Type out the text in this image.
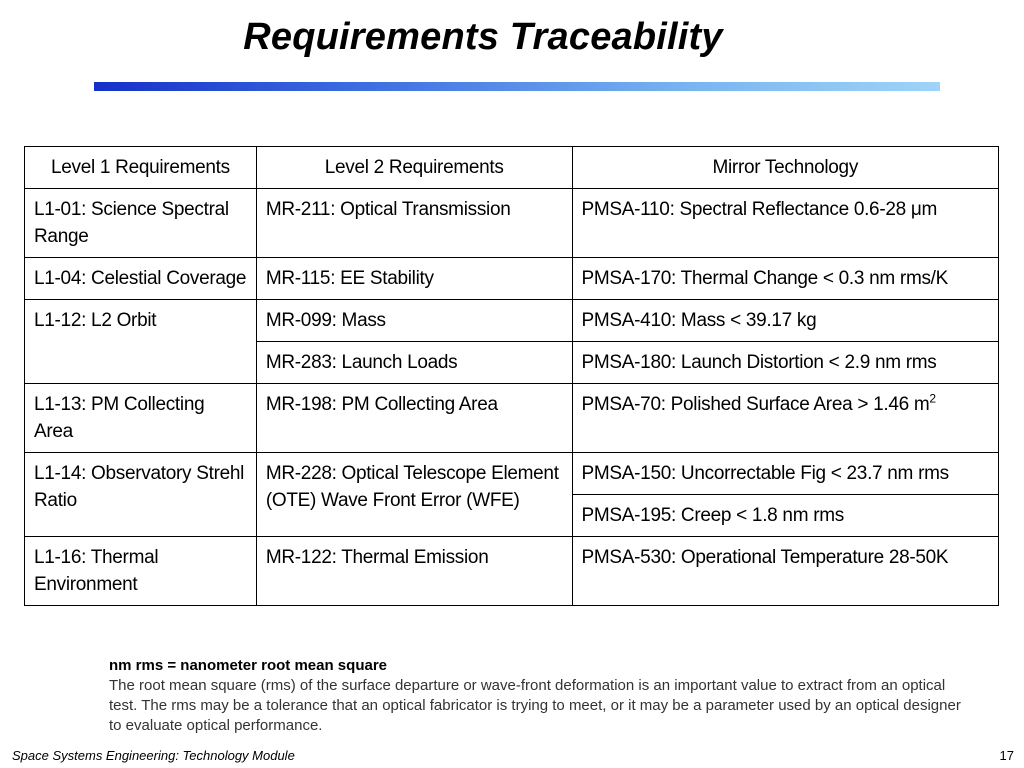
Requirements Traceability
Level 1 Requirements	Level 2 Requirements	Mirror Technology
L1-01: Science Spectral Range	MR-211: Optical Transmission	PMSA-110: Spectral Reflectance 0.6-28 μm
L1-04: Celestial Coverage	MR-115: EE Stability	PMSA-170: Thermal Change < 0.3 nm rms/K
L1-12: L2 Orbit	MR-099: Mass	PMSA-410: Mass < 39.17 kg
	MR-283: Launch Loads	PMSA-180: Launch Distortion < 2.9 nm rms
L1-13: PM Collecting Area	MR-198: PM Collecting Area	PMSA-70: Polished Surface Area > 1.46 $m^2$
L1-14: Observatory Strehl Ratio	MR-228: Optical Telescope Element (OTE) Wave Front Error (WFE)	PMSA-150: Uncorrectable Fig < 23.7 nm rms
		PMSA-195: Creep < 1.8 nm rms
L1-16: Thermal Environment	MR-122: Thermal Emission	PMSA-530: Operational Temperature 28-50K
nm rms = nanometer root mean square
The root mean square (rms) of the surface departure or wave-front deformation is an important value to extract from an optical test. The rms may be a tolerance that an optical fabricator is trying to meet, or it may be a parameter used by an optical designer to evaluate optical performance.
Space Systems Engineering: Technology Module	17
